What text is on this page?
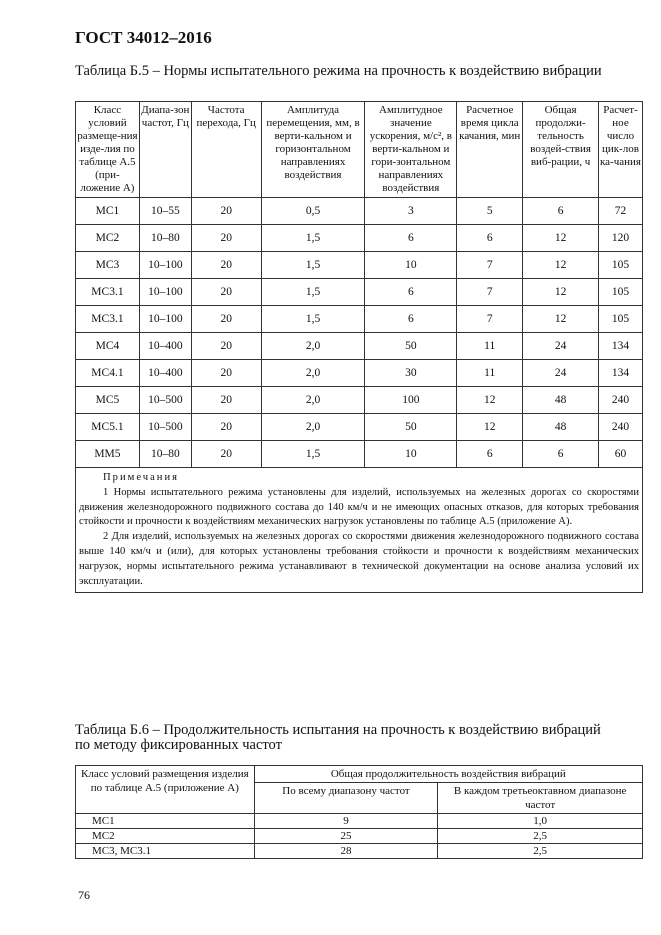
ГОСТ 34012–2016
Таблица Б.5 – Нормы испытательного режима на прочность к воздействию вибрации
Класс условий размеще-ния изде-лия по таблице А.5 (при-ложение А)	Диапа-зон частот, Гц	Частота перехода, Гц	Амплитуда перемещения, мм, в верти-кальном и горизонтальном направлениях воздействия	Амплитудное значение ускорения, м/с², в верти-кальном и гори-зонтальном направлениях воздействия	Расчетное время цикла качания, мин	Общая продолжи-тельность воздей-ствия виб-рации, ч	Расчет-ное число цик-лов ка-чания
МС1	10–55	20	0,5	3	5	6	72
МС2	10–80	20	1,5	6	6	12	120
МС3	10–100	20	1,5	10	7	12	105
МС3.1	10–100	20	1,5	6	7	12	105
МС3.1	10–100	20	1,5	6	7	12	105
МС4	10–400	20	2,0	50	11	24	134
МС4.1	10–400	20	2,0	30	11	24	134
МС5	10–500	20	2,0	100	12	48	240
МС5.1	10–500	20	2,0	50	12	48	240
ММ5	10–80	20	1,5	10	6	6	60

Примечания
1 Нормы испытательного режима установлены для изделий, используемых на железных дорогах со скоростями движения железнодорожного подвижного состава до 140 км/ч и не имеющих опасных отказов, для которых требования стойкости и прочности к воздействиям механических нагрузок установлены по таблице А.5 (приложение А).
2 Для изделий, используемых на железных дорогах со скоростями движения железнодорожного подвижного состава выше 140 км/ч и (или), для которых установлены требования стойкости и прочности к воздействиям механических нагрузок, нормы испытательного режима устанавливают в технической документации на основе анализа условий их эксплуатации.							
Таблица Б.6 – Продолжительность испытания на прочность к воздействию вибраций по методу фиксированных частот
Класс условий размещения изделия по таблице А.5 (приложение А)	Общая продолжительность воздействия вибраций	
	По всему диапазону частот	В каждом третьеоктавном диапазоне частот
МС1	9	1,0
МС2	25	2,5
МС3, МС3.1	28	2,5
76
